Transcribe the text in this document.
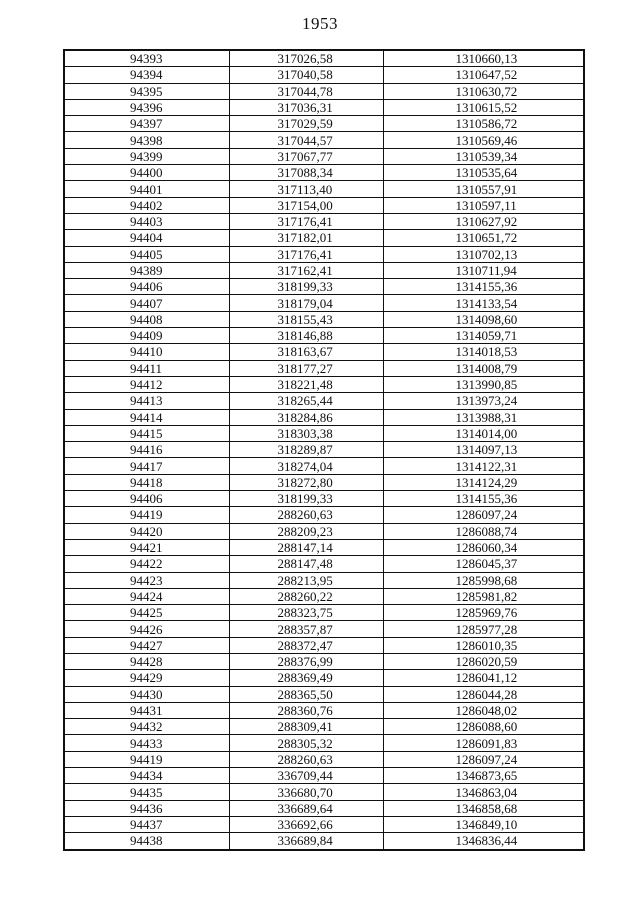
1953
94393	317026,58	1310660,13
94394	317040,58	1310647,52
94395	317044,78	1310630,72
94396	317036,31	1310615,52
94397	317029,59	1310586,72
94398	317044,57	1310569,46
94399	317067,77	1310539,34
94400	317088,34	1310535,64
94401	317113,40	1310557,91
94402	317154,00	1310597,11
94403	317176,41	1310627,92
94404	317182,01	1310651,72
94405	317176,41	1310702,13
94389	317162,41	1310711,94
94406	318199,33	1314155,36
94407	318179,04	1314133,54
94408	318155,43	1314098,60
94409	318146,88	1314059,71
94410	318163,67	1314018,53
94411	318177,27	1314008,79
94412	318221,48	1313990,85
94413	318265,44	1313973,24
94414	318284,86	1313988,31
94415	318303,38	1314014,00
94416	318289,87	1314097,13
94417	318274,04	1314122,31
94418	318272,80	1314124,29
94406	318199,33	1314155,36
94419	288260,63	1286097,24
94420	288209,23	1286088,74
94421	288147,14	1286060,34
94422	288147,48	1286045,37
94423	288213,95	1285998,68
94424	288260,22	1285981,82
94425	288323,75	1285969,76
94426	288357,87	1285977,28
94427	288372,47	1286010,35
94428	288376,99	1286020,59
94429	288369,49	1286041,12
94430	288365,50	1286044,28
94431	288360,76	1286048,02
94432	288309,41	1286088,60
94433	288305,32	1286091,83
94419	288260,63	1286097,24
94434	336709,44	1346873,65
94435	336680,70	1346863,04
94436	336689,64	1346858,68
94437	336692,66	1346849,10
94438	336689,84	1346836,44
